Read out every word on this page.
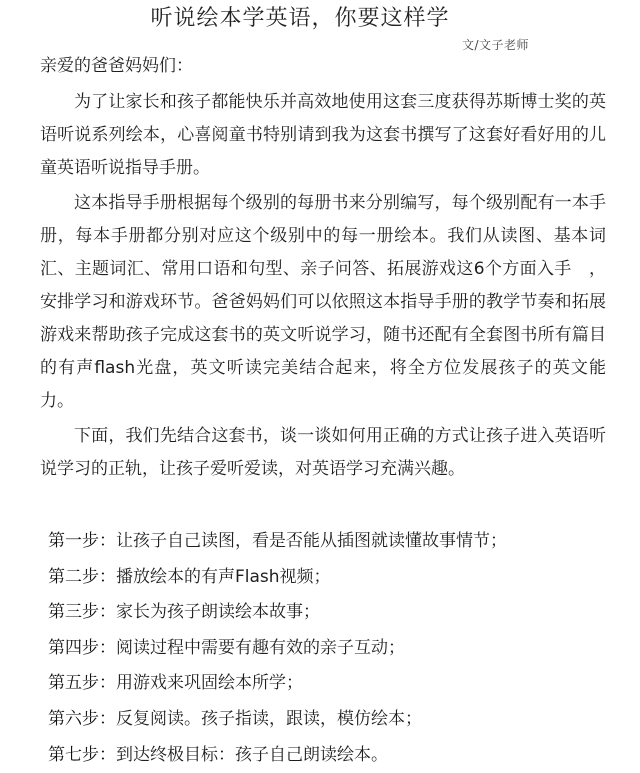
听说绘本学英语，你要这样学
文/文子老师
亲爱的爸爸妈妈们：

为了让家长和孩子都能快乐并高效地使用这套三度获得苏斯博士奖的英语听说系列绘本，心喜阅童书特别请到我为这套书撰写了这套好看好用的儿童英语听说指导手册。

这本指导手册根据每个级别的每册书来分别编写，每个级别配有一本手册，每本手册都分别对应这个级别中的每一册绘本。我们从读图、基本词汇、主题词汇、常用口语和句型、亲子问答、拓展游戏这6个方面入手　，安排学习和游戏环节。爸爸妈妈们可以依照这本指导手册的教学节奏和拓展游戏来帮助孩子完成这套书的英文听说学习，随书还配有全套图书所有篇目的有声flash光盘，英文听读完美结合起来，将全方位发展孩子的英文能力。

下面，我们先结合这套书，谈一谈如何用正确的方式让孩子进入英语听说学习的正轨，让孩子爱听爱读，对英语学习充满兴趣。

第一步：让孩子自己读图，看是否能从插图就读懂故事情节；
第二步：播放绘本的有声Flash视频；
第三步：家长为孩子朗读绘本故事；
第四步：阅读过程中需要有趣有效的亲子互动；
第五步：用游戏来巩固绘本所学；
第六步：反复阅读。孩子指读，跟读，模仿绘本；
第七步：到达终极目标：孩子自己朗读绘本。
